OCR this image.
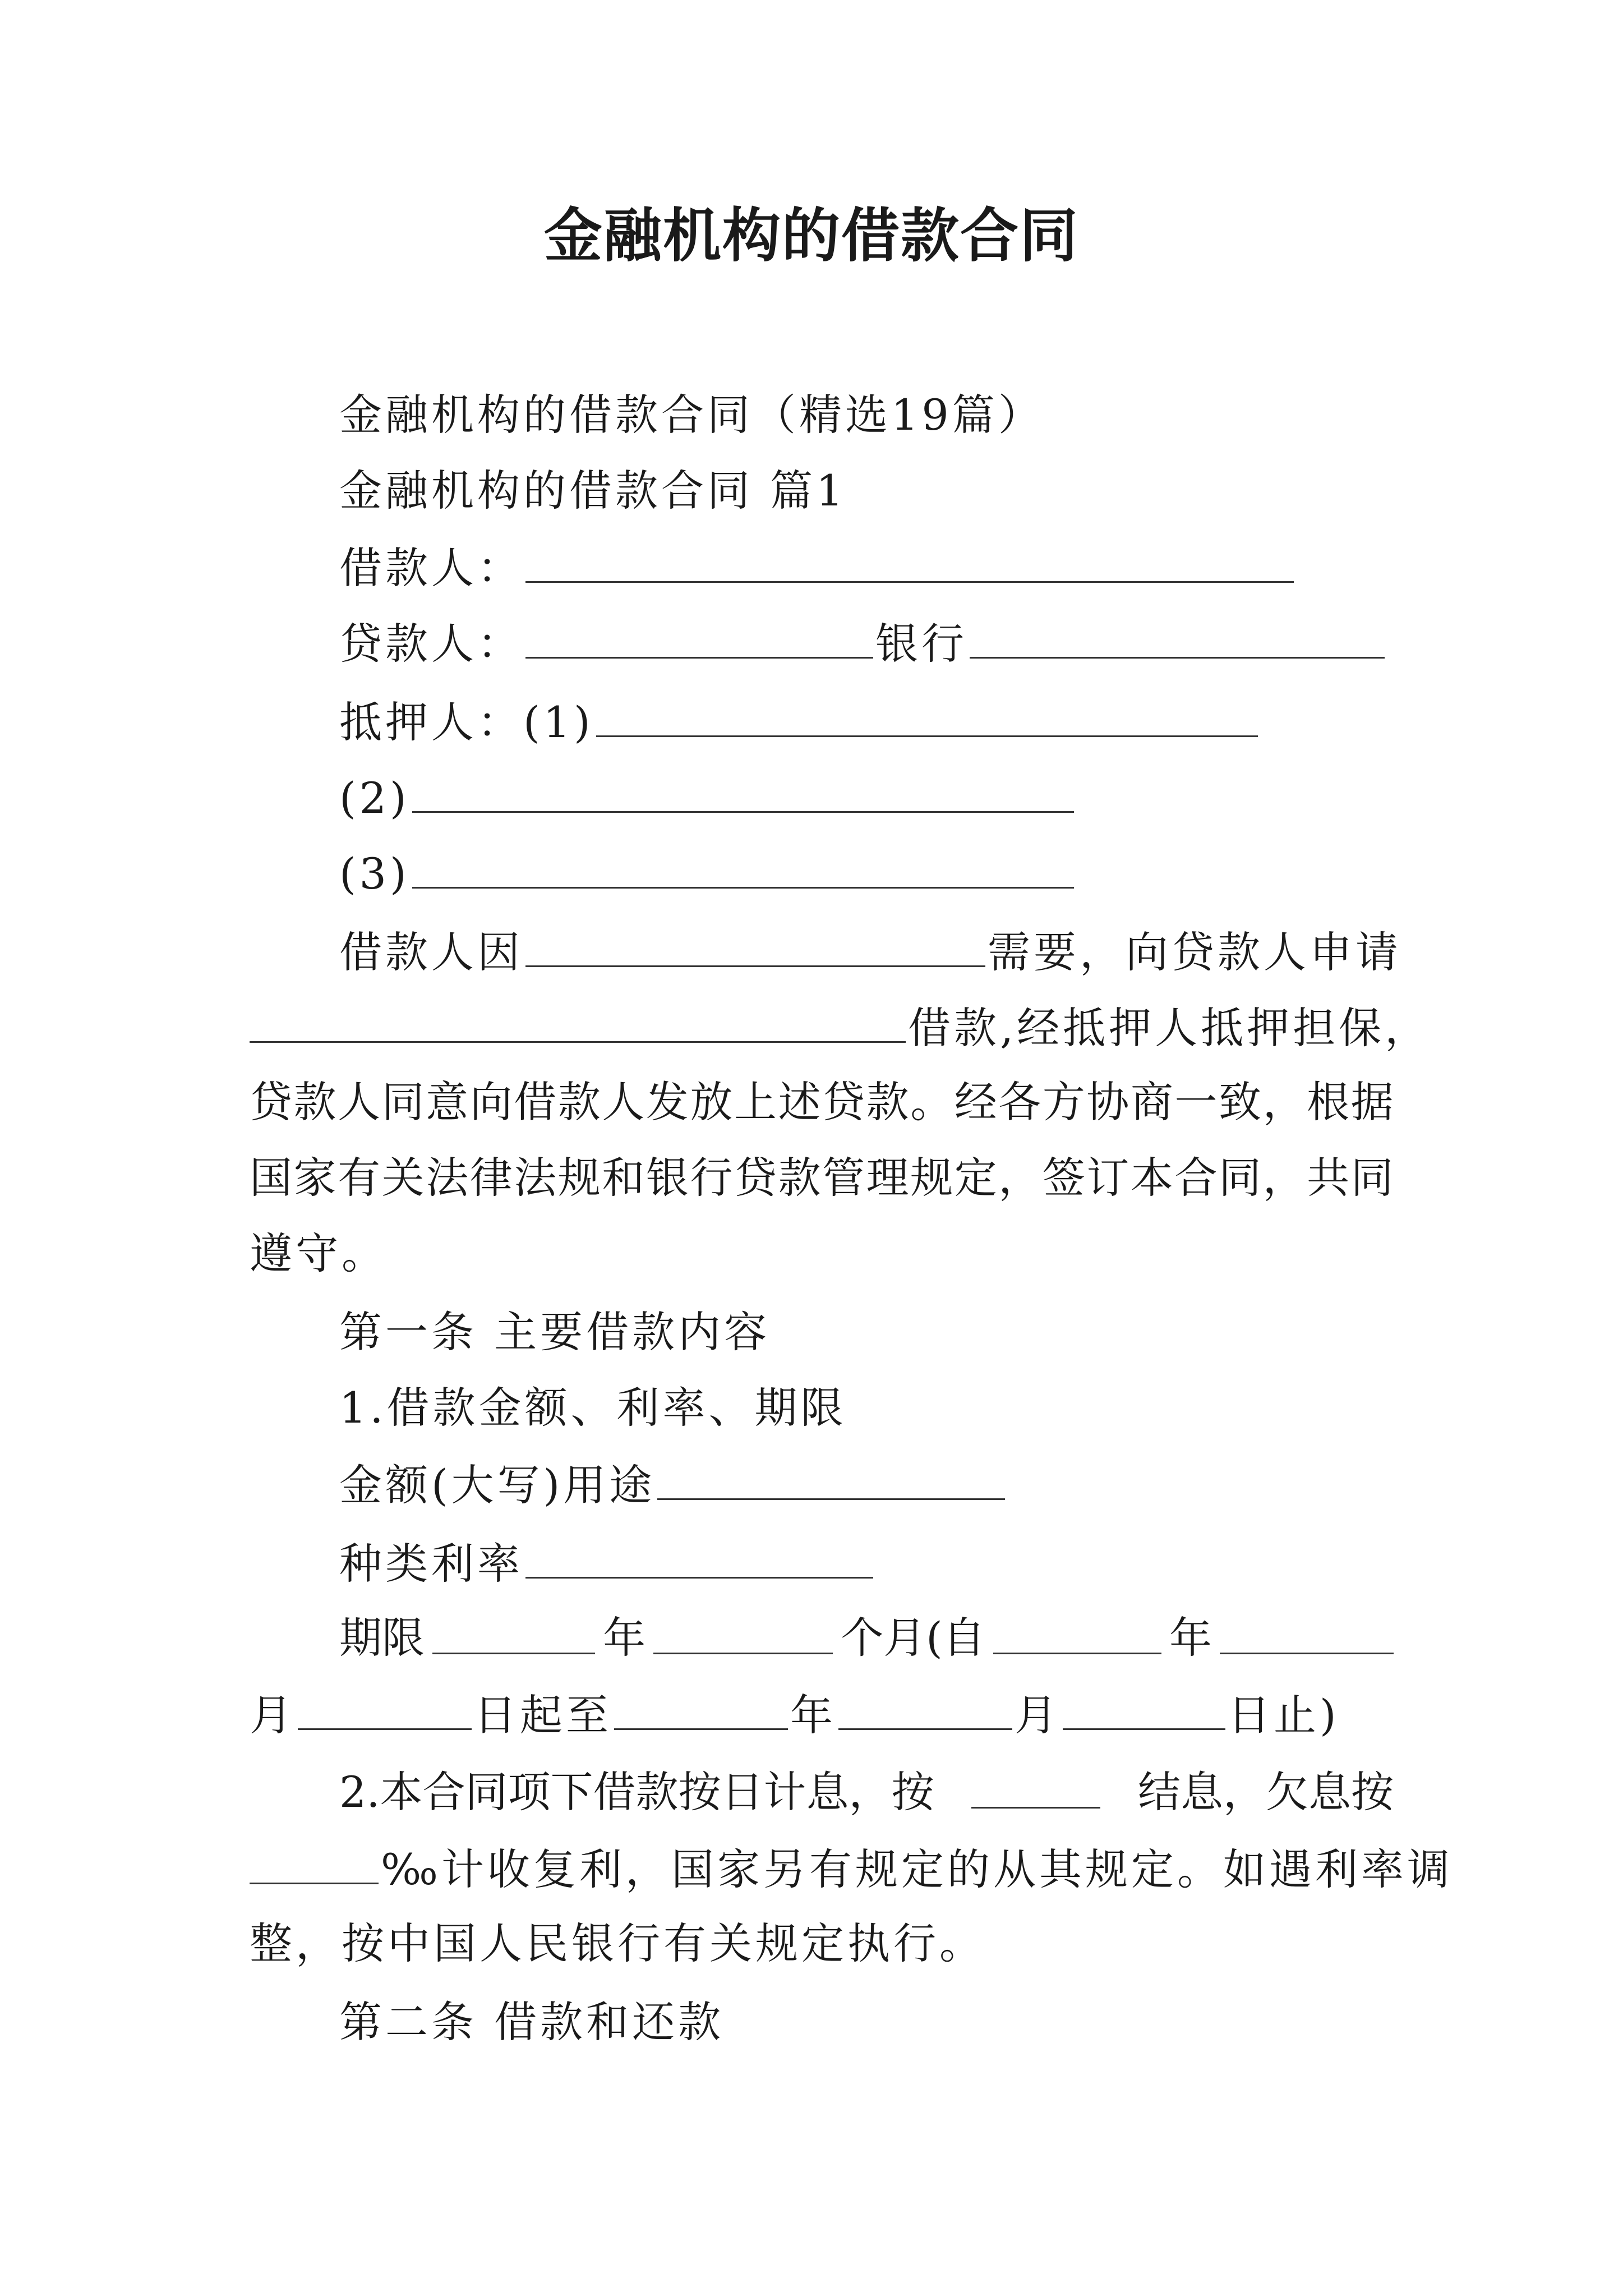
金融机构的借款合同
金融机构的借款合同（精选19篇）
金融机构的借款合同 篇1
借款人：
贷款人：	银行
抵押人：(1)
(2)
(3)
借款人因	需要，向贷款人申请
借款,经抵押人抵押担保，
贷 款 人 同 意 向 借 款 人 发 放 上 述 贷 款 。 经 各 方 协 商 一 致 ， 根 据
国 家 有 关 法 律 法 规 和 银 行 贷 款 管 理 规 定 ， 签 订 本 合 同 ， 共 同
遵守。
第一条 主要借款内容
1.借款金额、利率、期限
金额(大写)用途
种类利率
期限	年	个月(自	年
月	日起至	年	月	日止)
2.本合同项下借款按日计息，按	结息，欠息按
‰计收复利，国家另有规定的从其规定。如遇利率调
整，按中国人民银行有关规定执行。
第二条 借款和还款
